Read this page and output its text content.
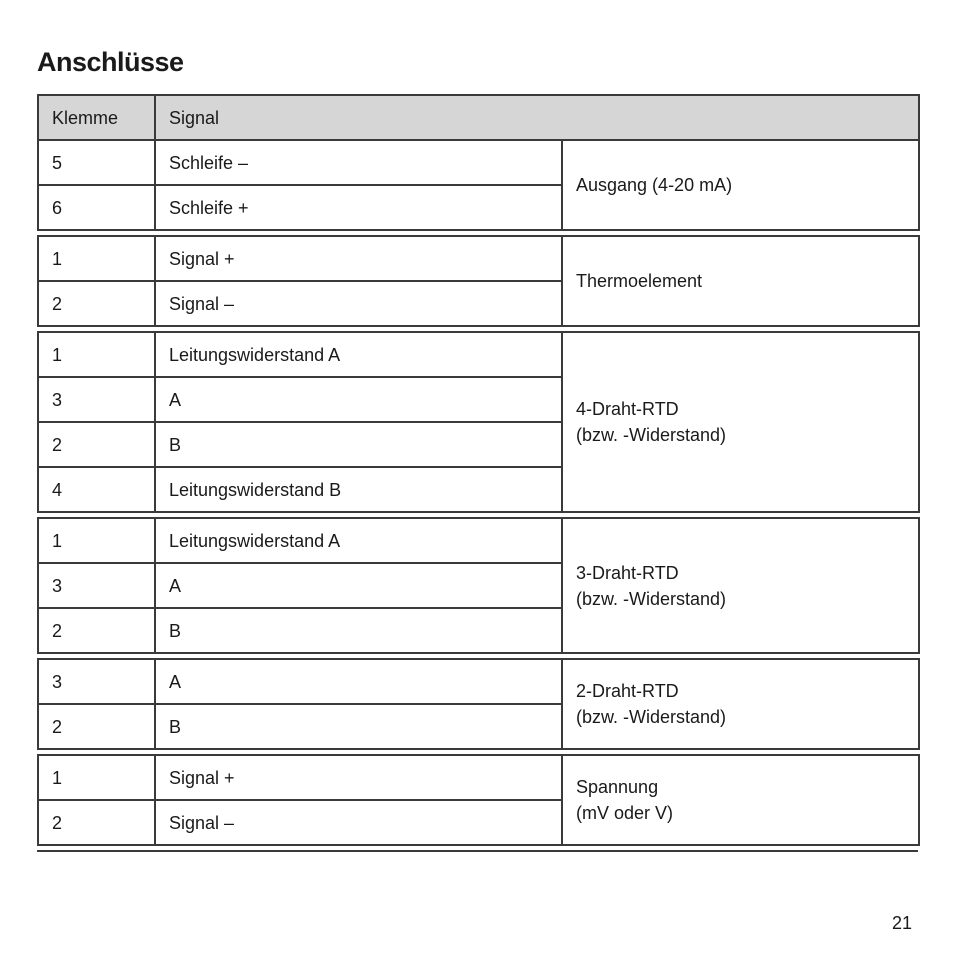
Anschlüsse
Klemme	Signal	
5	Schleife –	Ausgang (4-20 mA)

6	Schleife +	

1	Signal +	Thermoelement

2	Signal –	

1	Leitungswiderstand A	4-Draht-RTD
(bzw. -Widerstand)

3	A	
2	B	
4	Leitungswiderstand B	

1	Leitungswiderstand A	3-Draht-RTD
(bzw. -Widerstand)

3	A	
2	B	

3	A	2-Draht-RTD
(bzw. -Widerstand)

2	B	

1	Signal +	Spannung
(mV oder V)

2	Signal –	
21
